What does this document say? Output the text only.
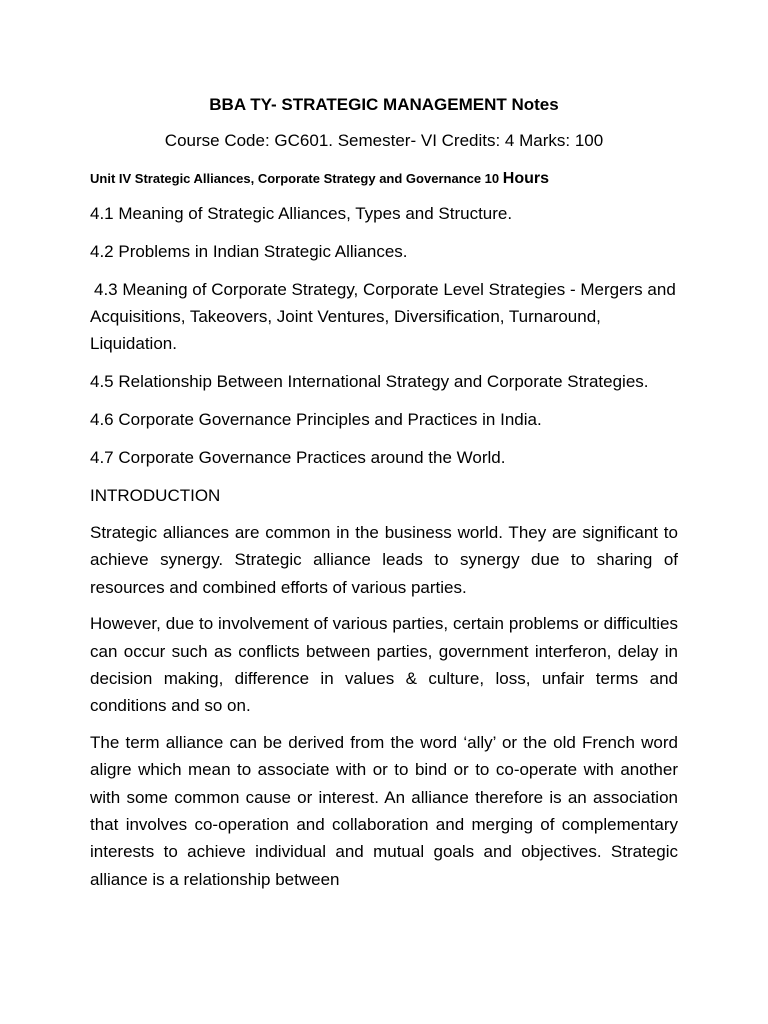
BBA TY- STRATEGIC MANAGEMENT Notes
Course Code: GC601. Semester- VI Credits: 4 Marks: 100
Unit IV Strategic Alliances, Corporate Strategy and Governance 10 Hours
4.1 Meaning of Strategic Alliances, Types and Structure.
4.2 Problems in Indian Strategic Alliances.
4.3 Meaning of Corporate Strategy, Corporate Level Strategies - Mergers and Acquisitions, Takeovers, Joint Ventures, Diversification, Turnaround, Liquidation.
4.5 Relationship Between International Strategy and Corporate Strategies.
4.6 Corporate Governance Principles and Practices in India.
4.7 Corporate Governance Practices around the World.
INTRODUCTION

Strategic alliances are common in the business world. They are significant to achieve synergy. Strategic alliance leads to synergy due to sharing of resources and combined efforts of various parties.

However, due to involvement of various parties, certain problems or difficulties can occur such as conflicts between parties, government interferon, delay in decision making, difference in values & culture, loss, unfair terms and conditions and so on.

The term alliance can be derived from the word ‘ally’ or the old French word aligre which mean to associate with or to bind or to co-operate with another with some common cause or interest. An alliance therefore is an association that involves co-operation and collaboration and merging of complementary interests to achieve individual and mutual goals and objectives. Strategic alliance is a relationship between
